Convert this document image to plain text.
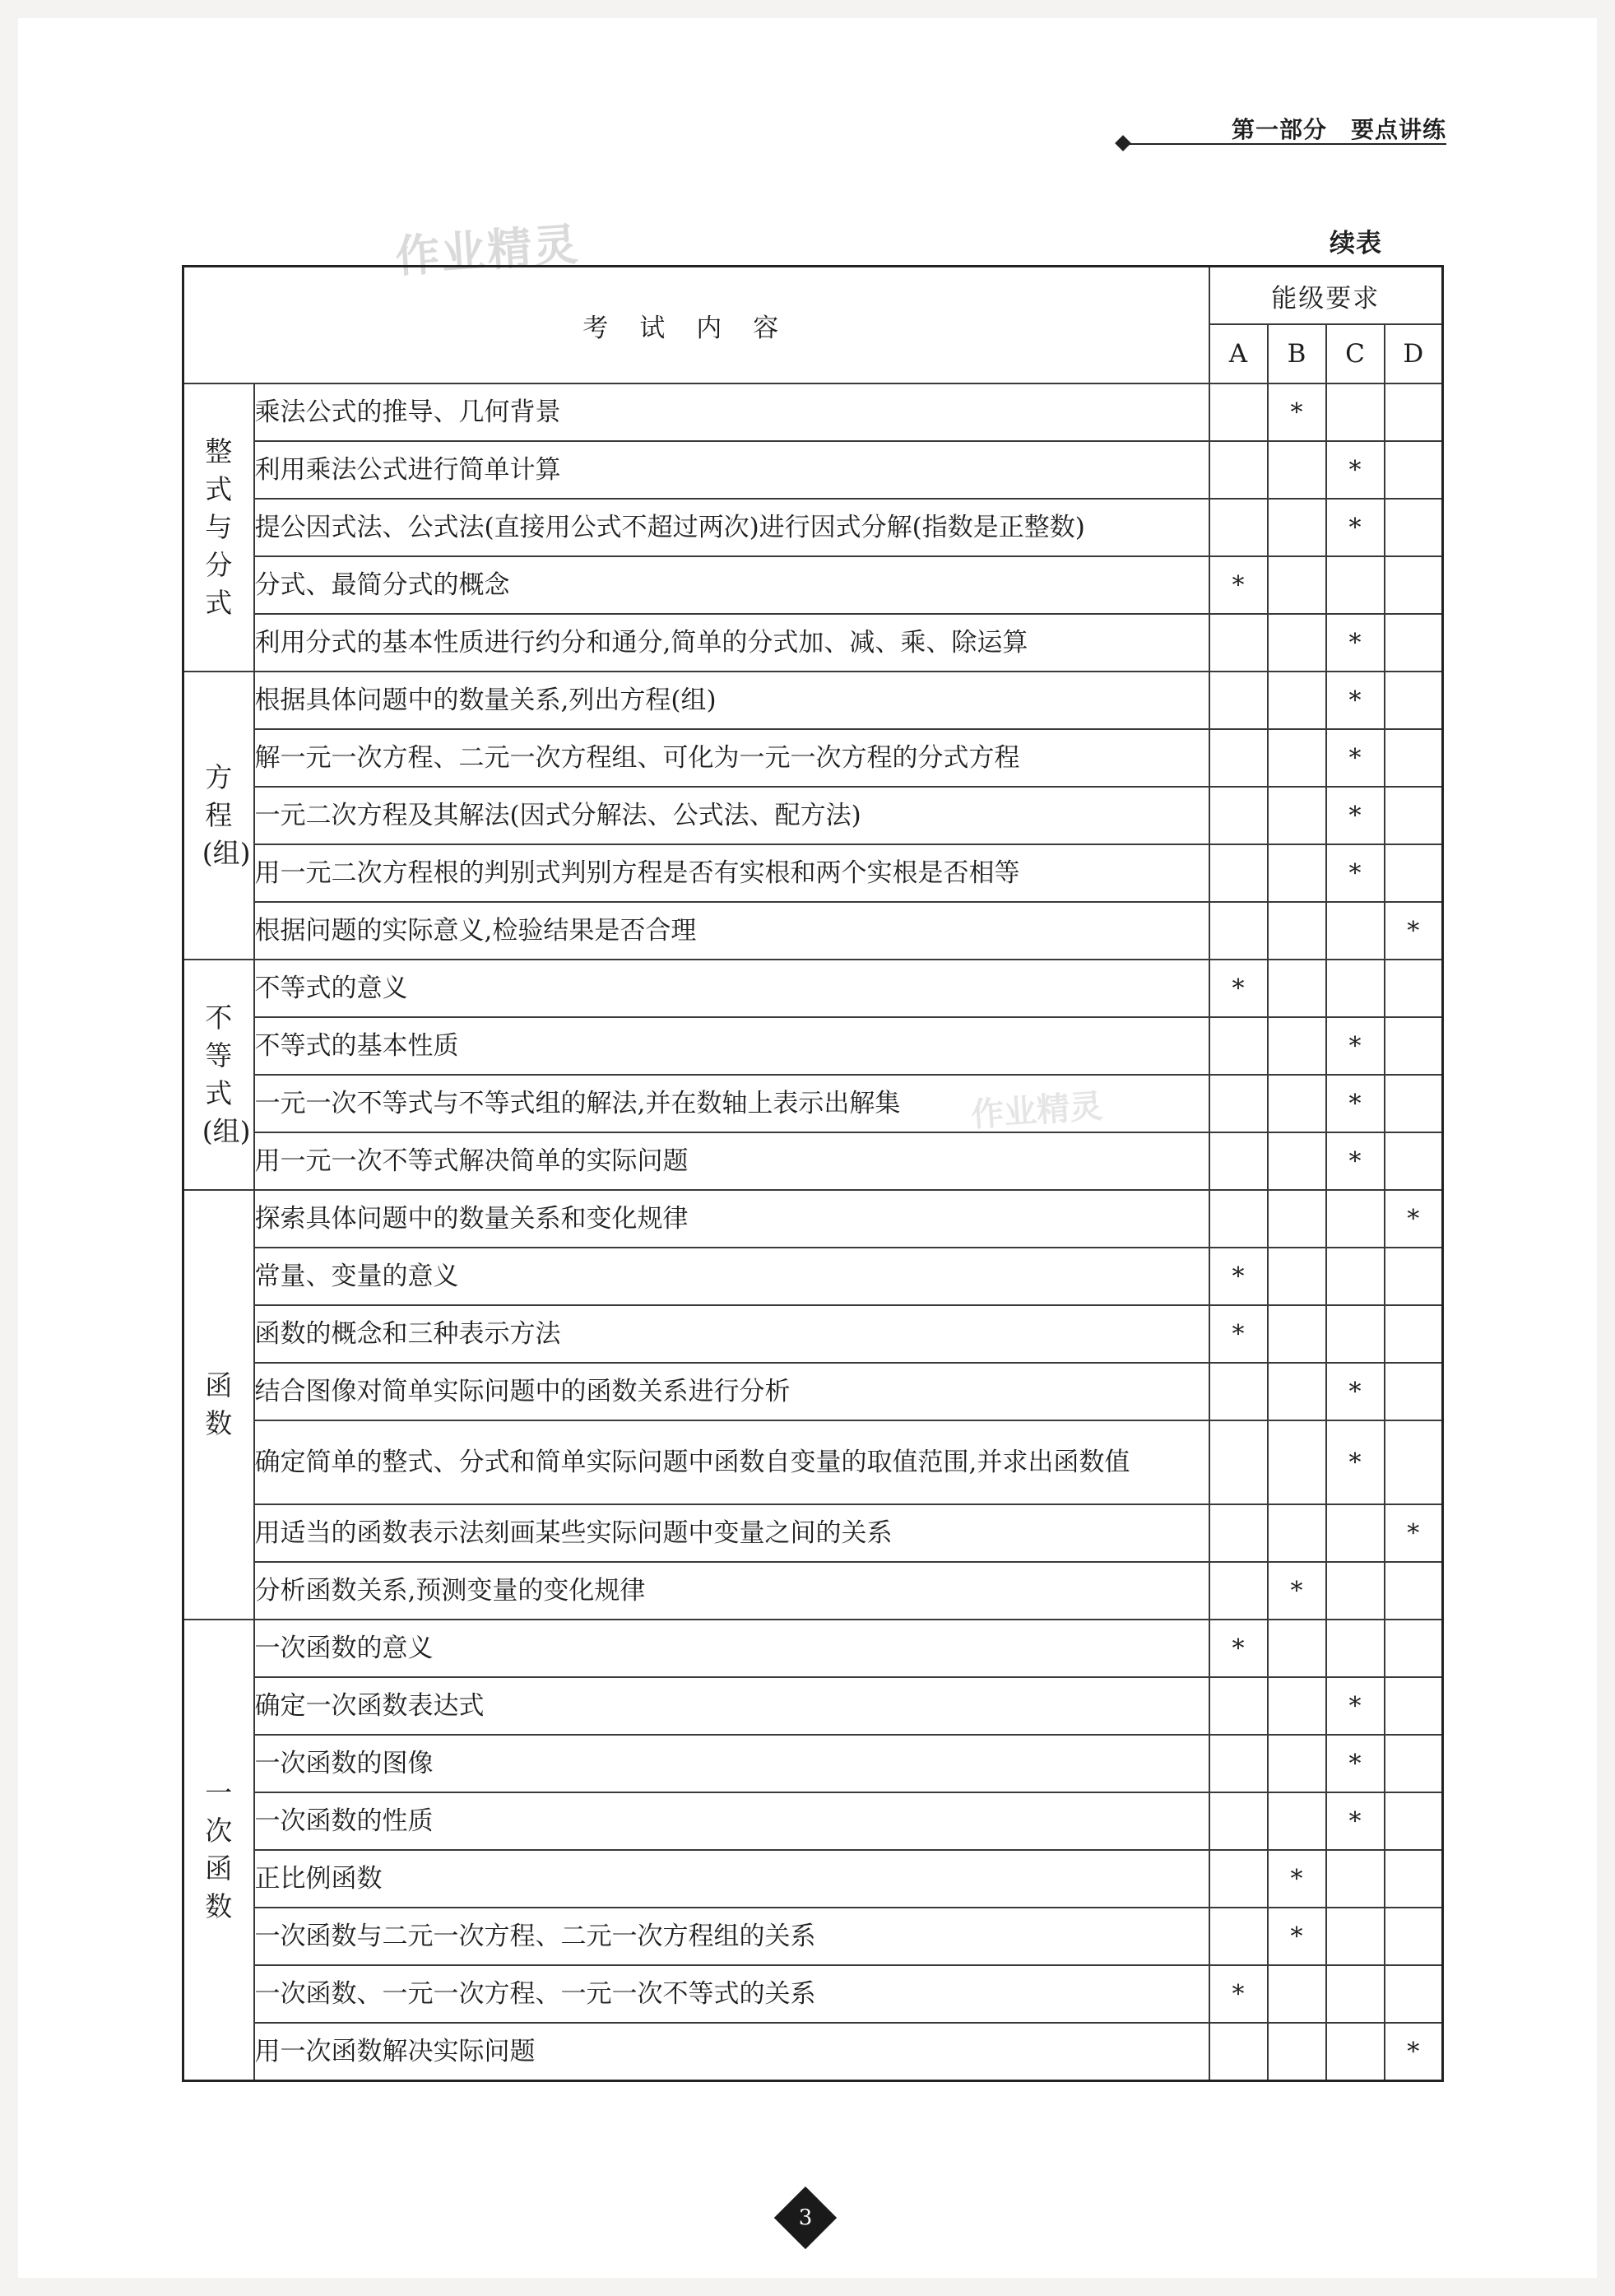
第一部分　要点讲练
作业精灵
作业精灵
续表
考试内容		能级要求			
		A	B	C	D
整式与分式	乘法公式的推导、几何背景		*		
	利用乘法公式进行简单计算			*	
	提公因式法、公式法(直接用公式不超过两次)进行因式分解(指数是正整数)			*	
	分式、最简分式的概念	*			
	利用分式的基本性质进行约分和通分,简单的分式加、减、乘、除运算			*	
方程(组)	根据具体问题中的数量关系,列出方程(组)			*	
	解一元一次方程、二元一次方程组、可化为一元一次方程的分式方程			*	
	一元二次方程及其解法(因式分解法、公式法、配方法)			*	
	用一元二次方程根的判别式判别方程是否有实根和两个实根是否相等			*	
	根据问题的实际意义,检验结果是否合理				*
不等式(组)	不等式的意义	*			
	不等式的基本性质			*	
	一元一次不等式与不等式组的解法,并在数轴上表示出解集			*	
	用一元一次不等式解决简单的实际问题			*	
函数	探索具体问题中的数量关系和变化规律				*
	常量、变量的意义	*			
	函数的概念和三种表示方法	*			
	结合图像对简单实际问题中的函数关系进行分析			*	
	确定简单的整式、分式和简单实际问题中函数自变量的取值范围,并求出函数值			*	
	用适当的函数表示法刻画某些实际问题中变量之间的关系				*
	分析函数关系,预测变量的变化规律		*		
一次函数	一次函数的意义	*			
	确定一次函数表达式			*	
	一次函数的图像			*	
	一次函数的性质			*	
	正比例函数		*		
	一次函数与二元一次方程、二元一次方程组的关系		*		
	一次函数、一元一次方程、一元一次不等式的关系	*			
	用一次函数解决实际问题				*
3
